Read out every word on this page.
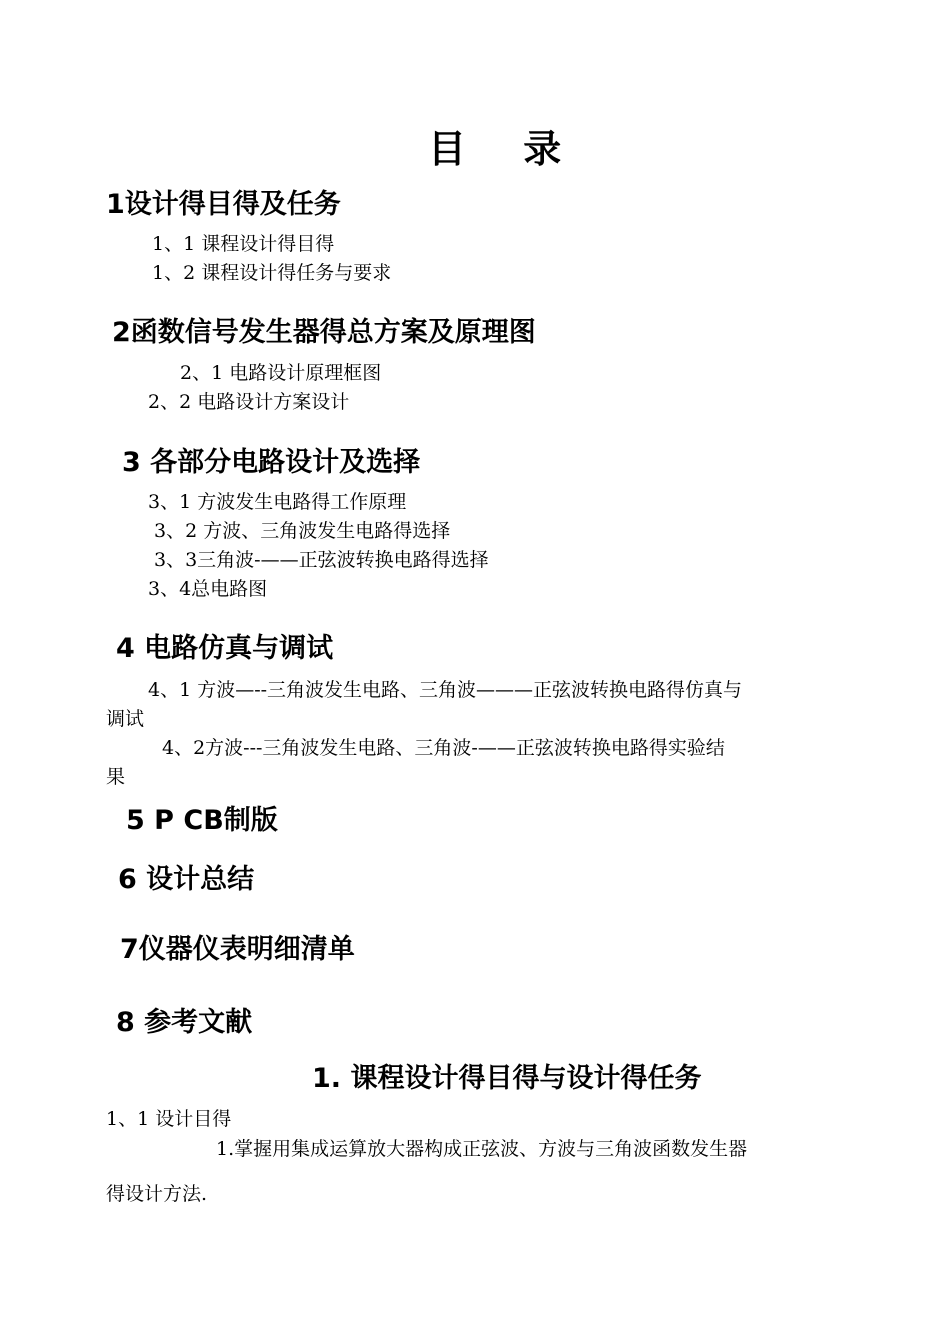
目 录
1设计得目得及任务
1、1 课程设计得目得
1、2 课程设计得任务与要求
2函数信号发生器得总方案及原理图
2、1 电路设计原理框图
2、2 电路设计方案设计
3 各部分电路设计及选择
3、1 方波发生电路得工作原理
3、2 方波、三角波发生电路得选择
3、3三角波-——正弦波转换电路得选择
3、4总电路图
4 电路仿真与调试
4、1 方波—--三角波发生电路、三角波———正弦波转换电路得仿真与
调试
4、2方波---三角波发生电路、三角波-——正弦波转换电路得实验结
果
5 P CB制版
6 设计总结
7仪器仪表明细清单
8 参考文献
1. 课程设计得目得与设计得任务
1、1 设计目得
1.掌握用集成运算放大器构成正弦波、方波与三角波函数发生器
得设计方法.
